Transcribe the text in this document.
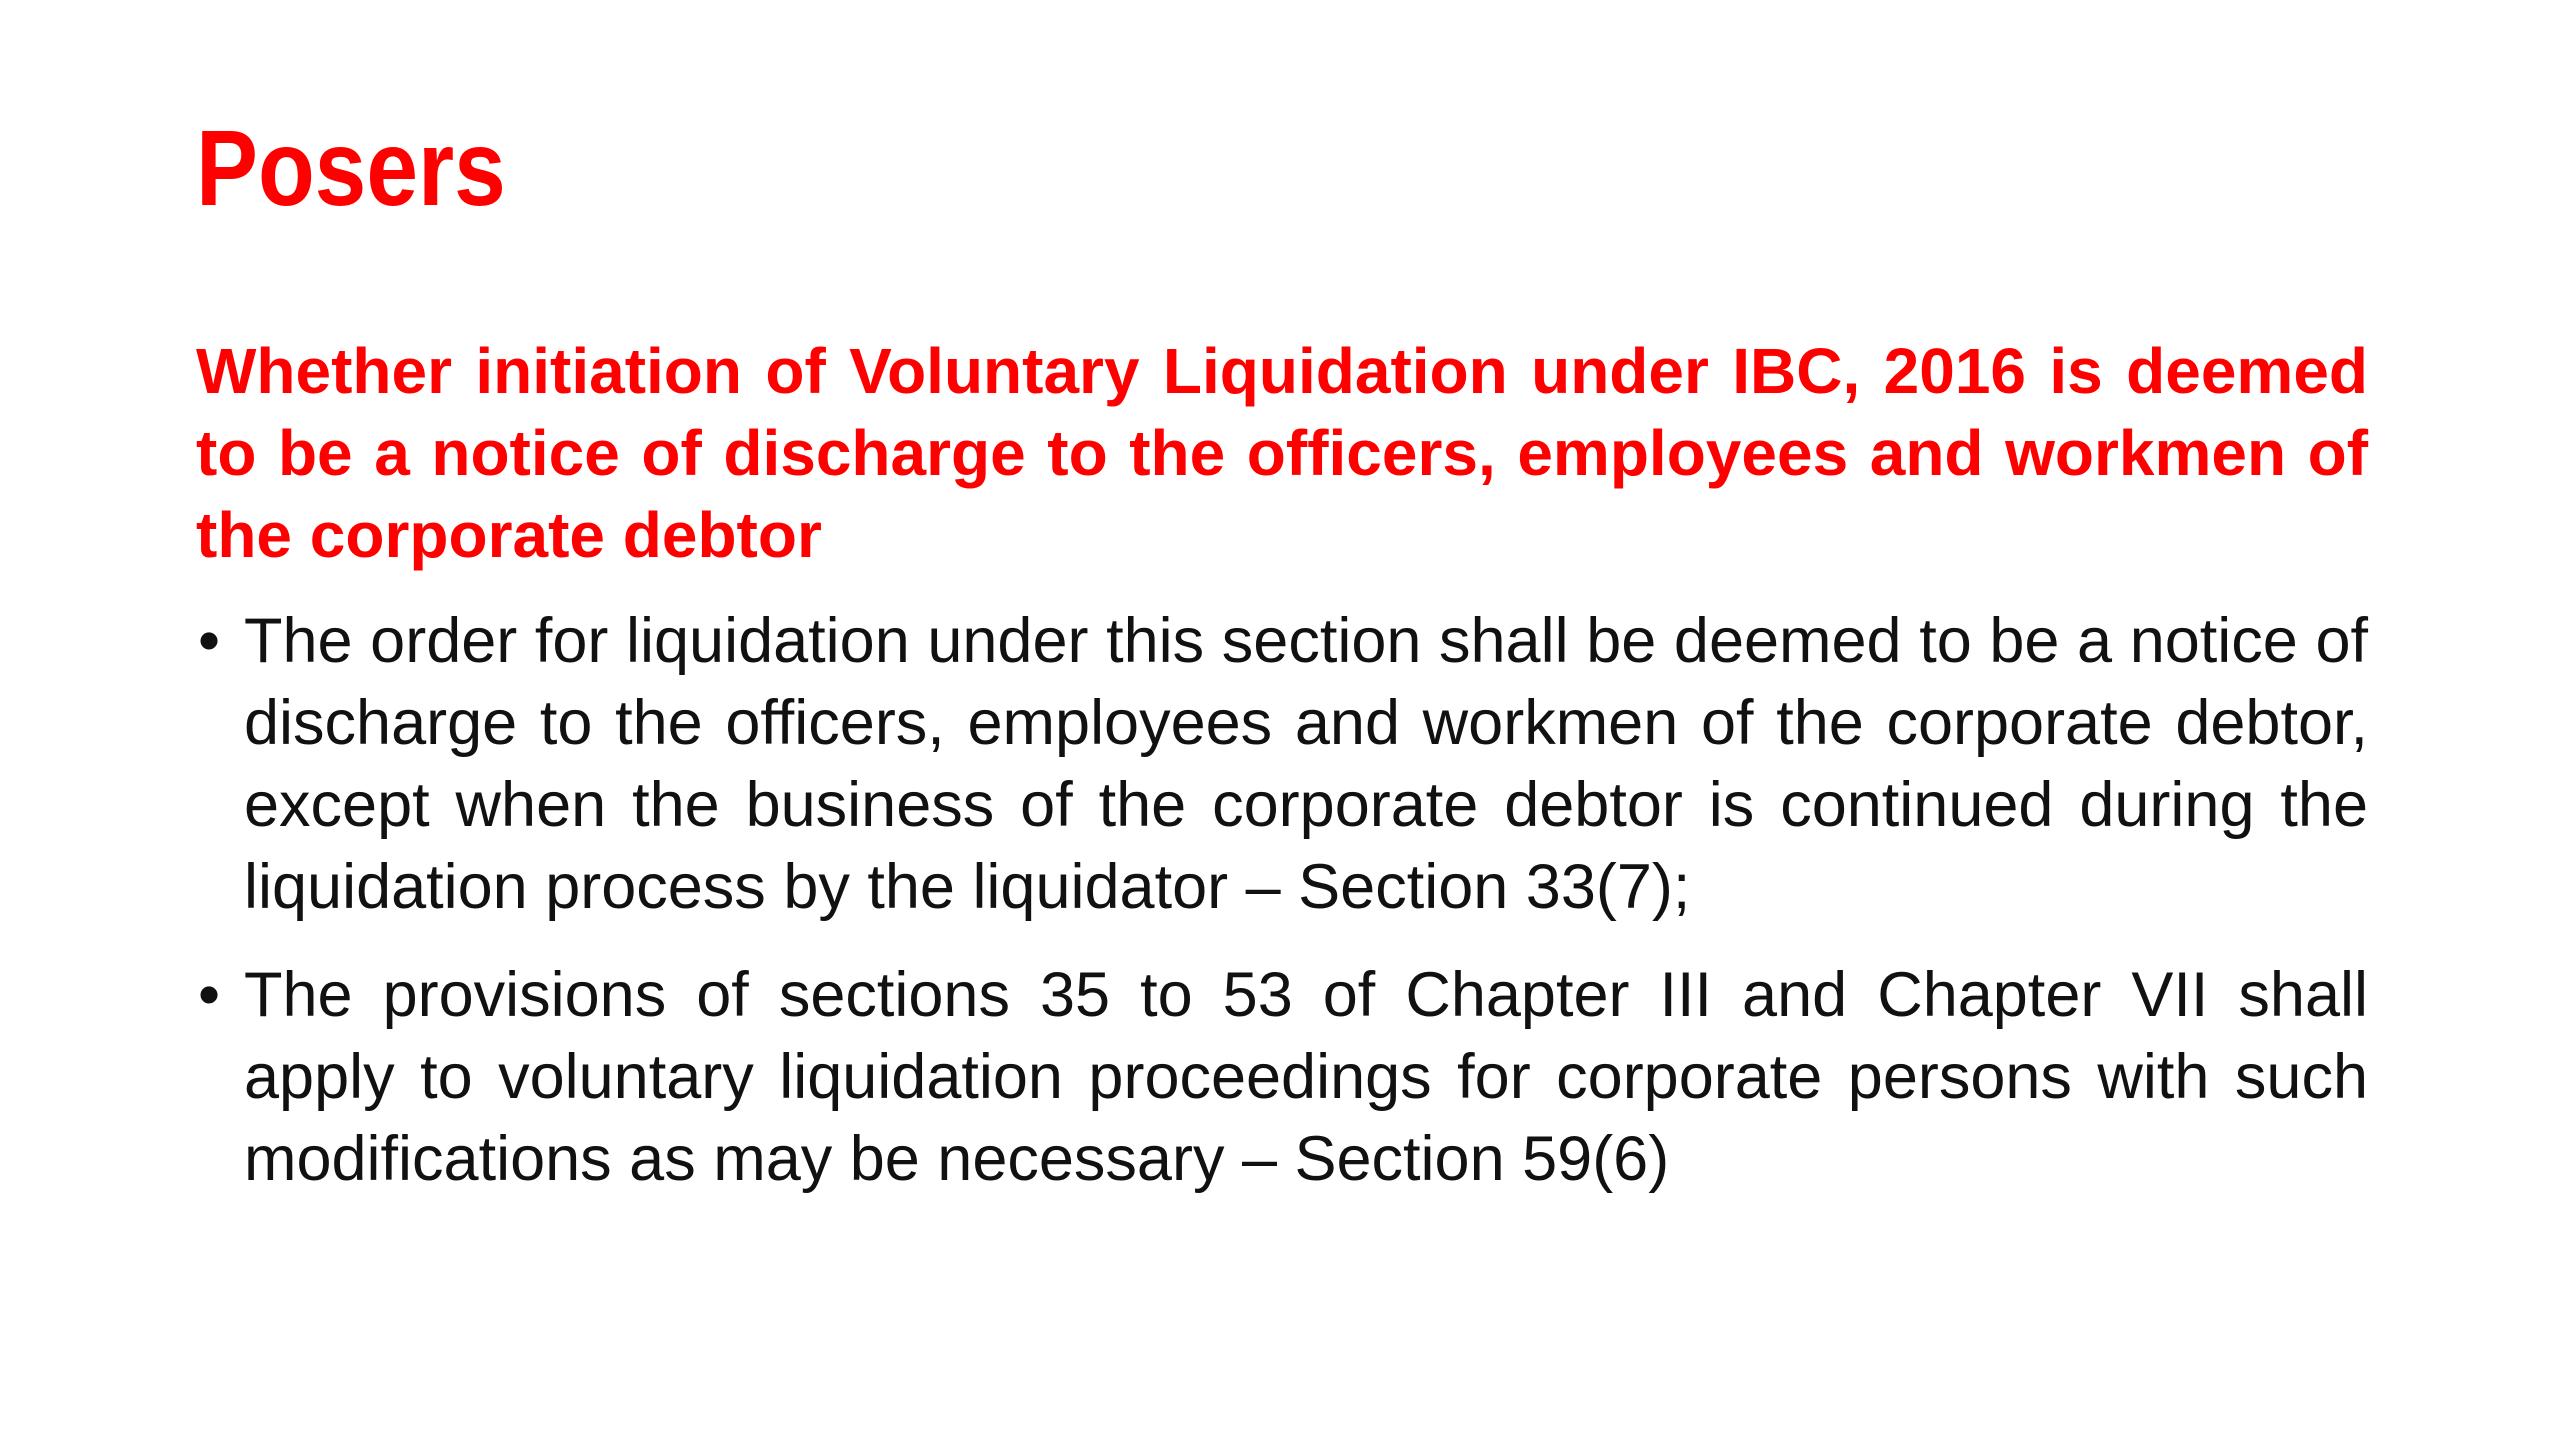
Posers

Whether initiation of Voluntary Liquidation under IBC, 2016 is deemed to be a notice of discharge to the officers, employees and workmen of the corporate debtor

• The order for liquidation under this section shall be deemed to be a notice of discharge to the officers, employees and workmen of the corporate debtor, except when the business of the corporate debtor is continued during the liquidation process by the liquidator – Section 33(7);
• The provisions of sections 35 to 53 of Chapter III and Chapter VII shall apply to voluntary liquidation proceedings for corporate persons with such modifications as may be necessary – Section 59(6)
